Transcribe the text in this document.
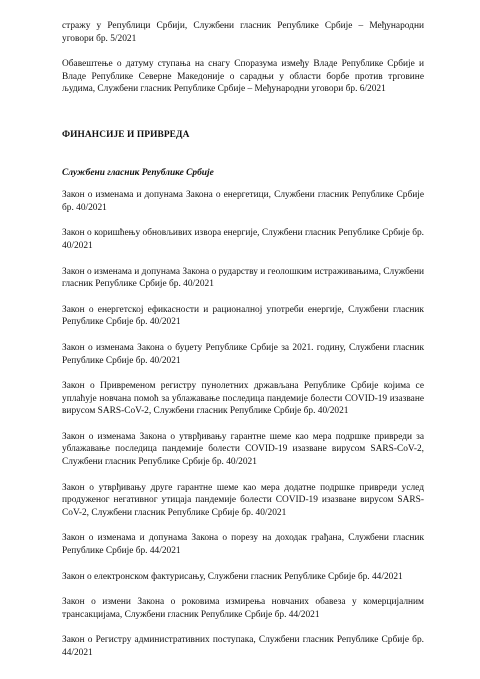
стражу у Републици Србији, Службени гласник Републике Србије – Међународни уговори бр. 5/2021

Обавештење о датуму ступања на снагу Споразума између Владе Републике Србије и Владе Републике Северне Македоније о сарадњи у области борбе против трговине људима, Службени гласник Републике Србије – Међународни уговори бр. 6/2021

ФИНАНСИЈЕ И ПРИВРЕДА
Службени гласник Републике Србије

Закон о изменама и допунама Закона о енергетици, Службени гласник Републике Србије бр. 40/2021

Закон о коришћењу обновљивих извора енергије, Службени гласник Републике Србије бр. 40/2021

Закон о изменама и допунама Закона о рударству и геолошким истраживањима, Службени гласник Републике Србије бр. 40/2021

Закон о енергетској ефикасности и рационалној употреби енергије, Службени гласник Републике Србије бр. 40/2021

Закон о изменама Закона о буџету Републике Србије за 2021. годину, Службени гласник Републике Србије бр. 40/2021

Закон о Привременом регистру пунолетних држављана Републике Србије којима се уплаћује новчана помоћ за ублажавање последица пандемије болести COVID-19 изазване вирусом SARS-CoV-2, Службени гласник Републике Србије бр. 40/2021

Закон о изменама Закона о утврђивању гарантне шеме као мера подршке привреди за ублажавање последица пандемије болести COVID-19 изазване вирусом SARS-CoV-2, Службени гласник Републике Србије бр. 40/2021

Закон о утврђивању друге гарантне шеме као мера додатне подршке привреди услед продуженог негативног утицаја пандемије болести COVID-19 изазване вирусом SARS-CoV-2, Службени гласник Републике Србије бр. 40/2021

Закон о изменама и допунама Закона о порезу на доходак грађана, Службени гласник Републике Србије бр. 44/2021

Закон о електронском фактурисању, Службени гласник Републике Србије бр. 44/2021

Закон о измени Закона о роковима измирења новчаних обавеза у комерцијалним трансакцијама, Службени гласник Републике Србије бр. 44/2021

Закон о Регистру административних поступака, Службени гласник Републике Србије бр. 44/2021
